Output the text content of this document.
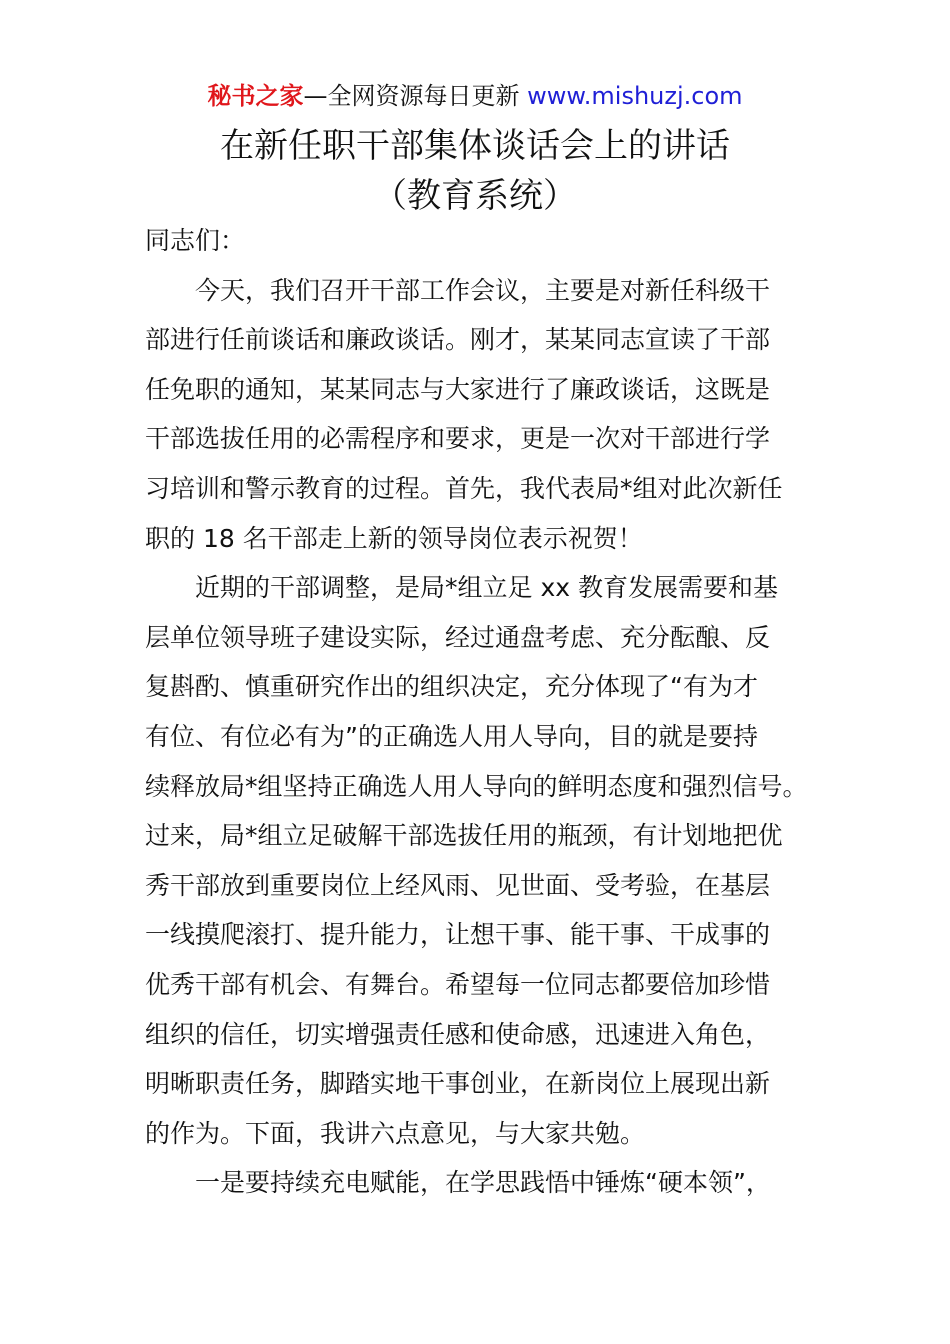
秘书之家—全网资源每日更新 www.mishuzj.com
在新任职干部集体谈话会上的讲话
（教育系统）
同志们：
　　今天，我们召开干部工作会议，主要是对新任科级干
部进行任前谈话和廉政谈话。刚才，某某同志宣读了干部
任免职的通知，某某同志与大家进行了廉政谈话，这既是
干部选拔任用的必需程序和要求，更是一次对干部进行学
习培训和警示教育的过程。首先，我代表局*组对此次新任
职的 18 名干部走上新的领导岗位表示祝贺！
　　近期的干部调整，是局*组立足 xx 教育发展需要和基
层单位领导班子建设实际，经过通盘考虑、充分酝酿、反
复斟酌、慎重研究作出的组织决定，充分体现了“有为才
有位、有位必有为”的正确选人用人导向，目的就是要持
续释放局*组坚持正确选人用人导向的鲜明态度和强烈信号。
过来，局*组立足破解干部选拔任用的瓶颈，有计划地把优
秀干部放到重要岗位上经风雨、见世面、受考验，在基层
一线摸爬滚打、提升能力，让想干事、能干事、干成事的
优秀干部有机会、有舞台。希望每一位同志都要倍加珍惜
组织的信任，切实增强责任感和使命感，迅速进入角色，
明晰职责任务，脚踏实地干事创业，在新岗位上展现出新
的作为。下面，我讲六点意见，与大家共勉。
　　一是要持续充电赋能，在学思践悟中锤炼“硬本领”，
